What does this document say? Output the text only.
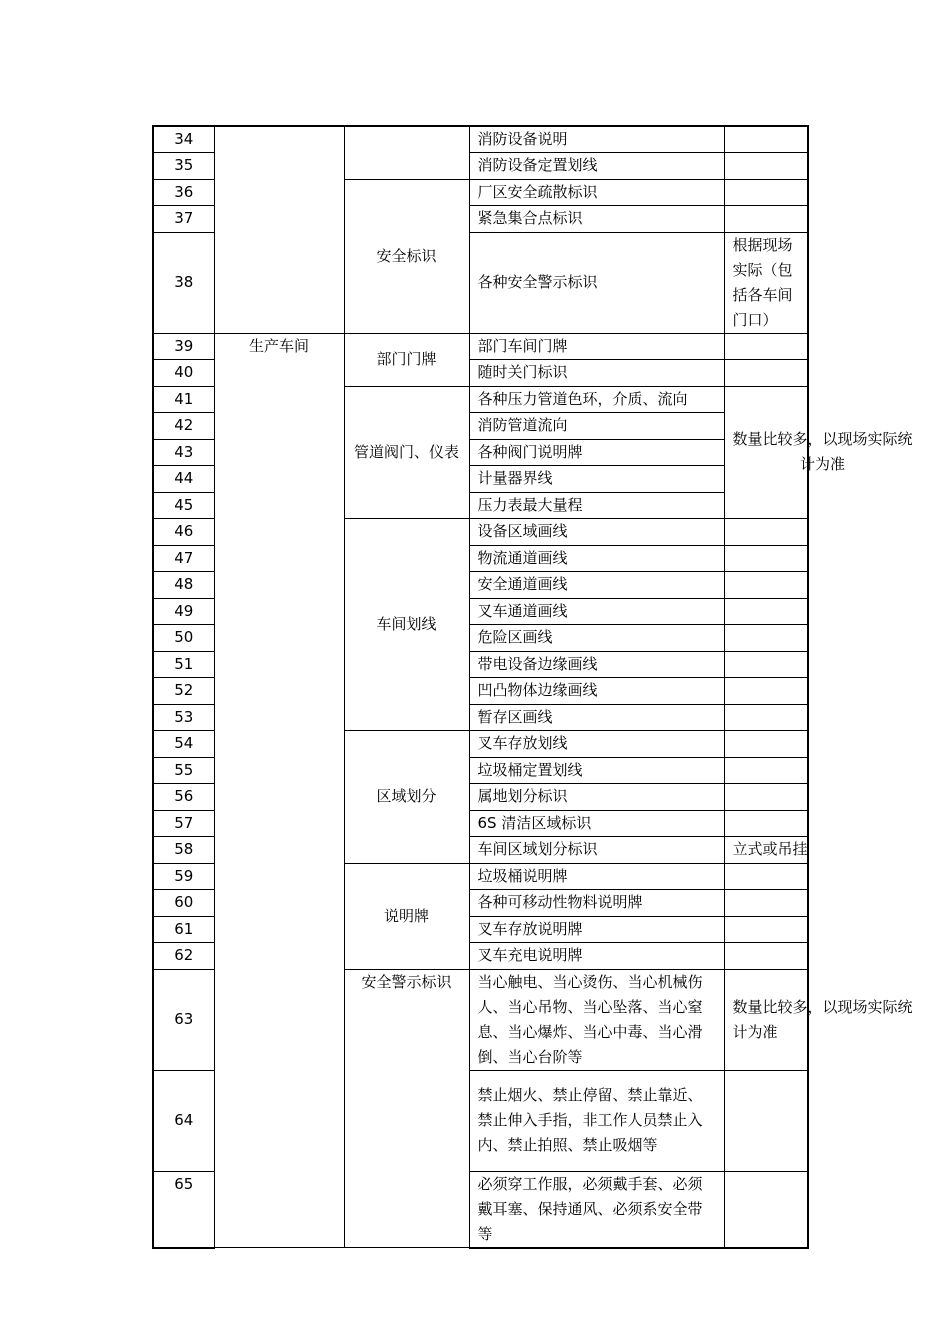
34			消防设备说明	
35			消防设备定置划线	
36		安全标识	厂区安全疏散标识	
37			紧急集合点标识	
38			各种安全警示标识	根据现场实际（包括各车间门口）
39	生产车间	部门门牌	部门车间门牌	
40			随时关门标识	
41		管道阀门、仪表	各种压力管道色环，介质、流向	数量比较多，以现场实际统计为准

42			消防管道流向	
43			各种阀门说明牌	
44			计量器界线	
45			压力表最大量程	
46		车间划线	设备区域画线	
47			物流通道画线	
48			安全通道画线	
49			叉车通道画线	
50			危险区画线	
51			带电设备边缘画线	
52			凹凸物体边缘画线	
53			暂存区画线	
54		区域划分	叉车存放划线	
55			垃圾桶定置划线	
56			属地划分标识	
57			6S 清洁区域标识	
58			车间区域划分标识	立式或吊挂
59		说明牌	垃圾桶说明牌	
60			各种可移动性物料说明牌	
61			叉车存放说明牌	
62			叉车充电说明牌	
63		安全警示标识	当心触电、当心烫伤、当心机械伤人、当心吊物、当心坠落、当心窒息、当心爆炸、当心中毒、当心滑倒、当心台阶等	数量比较多，以现场实际统计为准

64			禁止烟火、禁止停留、禁止靠近、禁止伸入手指，非工作人员禁止入内、禁止拍照、禁止吸烟等	
65			必须穿工作服，必须戴手套、必须戴耳塞、保持通风、必须系安全带等	
